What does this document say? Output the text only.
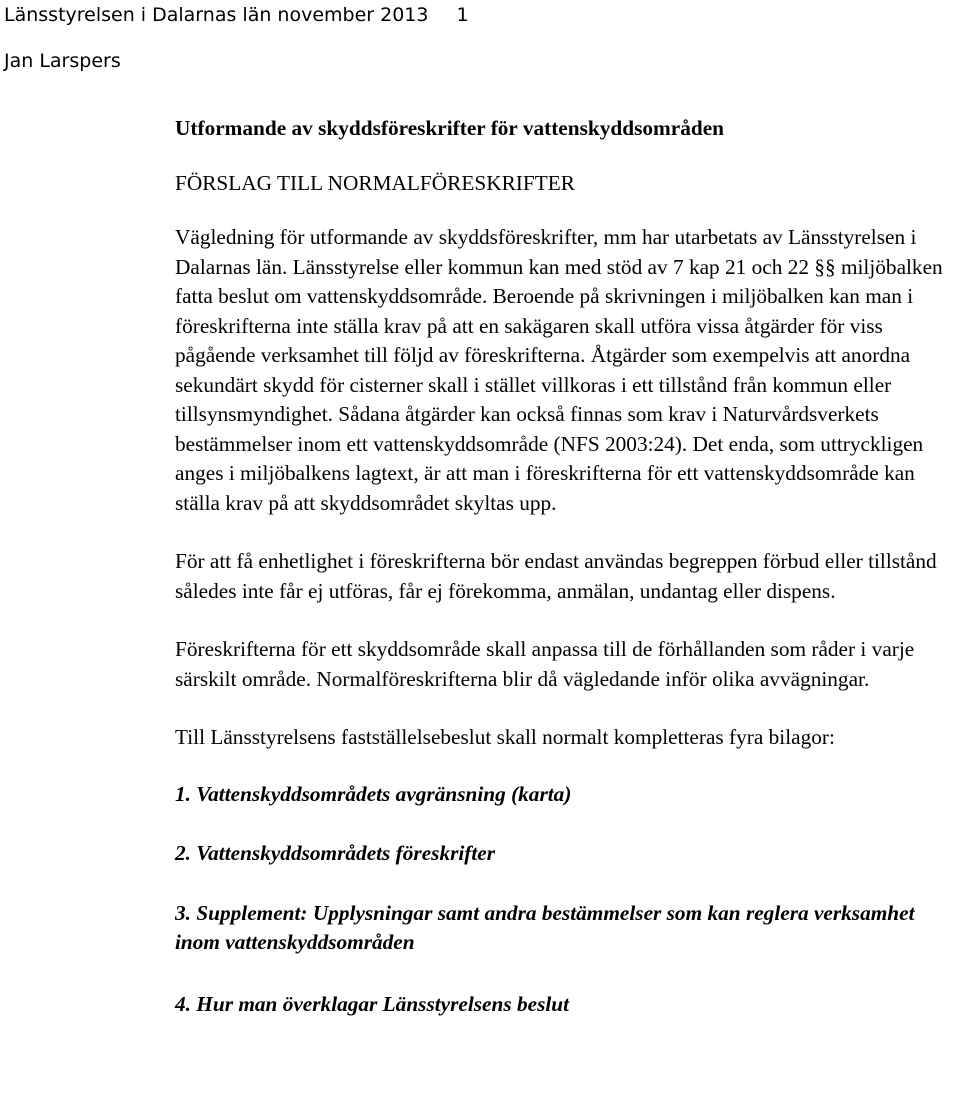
Länsstyrelsen i Dalarnas län november 2013 1
Jan Larspers
Utformande av skyddsföreskrifter för vattenskyddsområden

FÖRSLAG TILL NORMALFÖRESKRIFTER

Vägledning för utformande av skyddsföreskrifter, mm har utarbetats av Länsstyrelsen i Dalarnas län. Länsstyrelse eller kommun kan med stöd av 7 kap 21 och 22 §§ miljöbalken fatta beslut om vattenskyddsområde. Beroende på skrivningen i miljöbalken kan man i föreskrifterna inte ställa krav på att en sakägaren skall utföra vissa åtgärder för viss pågående verksamhet till följd av föreskrifterna. Åtgärder som exempelvis att anordna sekundärt skydd för cisterner skall i stället villkoras i ett tillstånd från kommun eller tillsynsmyndighet. Sådana åtgärder kan också finnas som krav i Naturvårdsverkets bestämmelser inom ett vattenskyddsområde (NFS 2003:24). Det enda, som uttryckligen anges i miljöbalkens lagtext, är att man i föreskrifterna för ett vattenskyddsområde kan ställa krav på att skyddsområdet skyltas upp.

För att få enhetlighet i föreskrifterna bör endast användas begreppen förbud eller tillstånd således inte får ej utföras, får ej förekomma, anmälan, undantag eller dispens.

Föreskrifterna för ett skyddsområde skall anpassa till de förhållanden som råder i varje särskilt område. Normalföreskrifterna blir då vägledande inför olika avvägningar.

Till Länsstyrelsens fastställelsebeslut skall normalt kompletteras fyra bilagor:

1. Vattenskyddsområdets avgränsning (karta)
2. Vattenskyddsområdets föreskrifter
3. Supplement: Upplysningar samt andra bestämmelser som kan reglera verksamhet inom vattenskyddsområden
4. Hur man överklagar Länsstyrelsens beslut
